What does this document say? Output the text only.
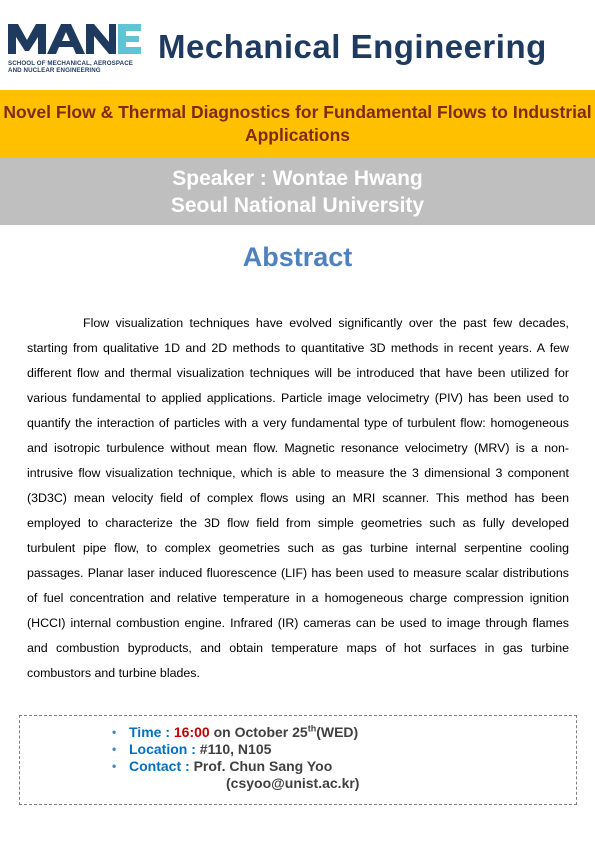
SCHOOL OF MECHANICAL, AEROSPACE
AND NUCLEAR ENGINEERING
Mechanical Engineering
Novel Flow & Thermal Diagnostics for Fundamental Flows to Industrial Applications
Speaker : Wontae Hwang
Seoul National University
Abstract
Flow visualization techniques have evolved significantly over the past few decades, starting from qualitative 1D and 2D methods to quantitative 3D methods in recent years. A few different flow and thermal visualization techniques will be introduced that have been utilized for various fundamental to applied applications. Particle image velocimetry (PIV) has been used to quantify the interaction of particles with a very fundamental type of turbulent flow: homogeneous and isotropic turbulence without mean flow. Magnetic resonance velocimetry (MRV) is a non-intrusive flow visualization technique, which is able to measure the 3 dimensional 3 component (3D3C) mean velocity field of complex flows using an MRI scanner. This method has been employed to characterize the 3D flow field from simple geometries such as fully developed turbulent pipe flow, to complex geometries such as gas turbine internal serpentine cooling passages. Planar laser induced fluorescence (LIF) has been used to measure scalar distributions of fuel concentration and relative temperature in a homogeneous charge compression ignition (HCCI) internal combustion engine. Infrared (IR) cameras can be used to image through flames and combustion byproducts, and obtain temperature maps of hot surfaces in gas turbine combustors and turbine blades.
• Time : 16:00 on October 25th(WED)
• Location : #110, N105
• Contact : Prof. Chun Sang Yoo
(csyoo@unist.ac.kr)
